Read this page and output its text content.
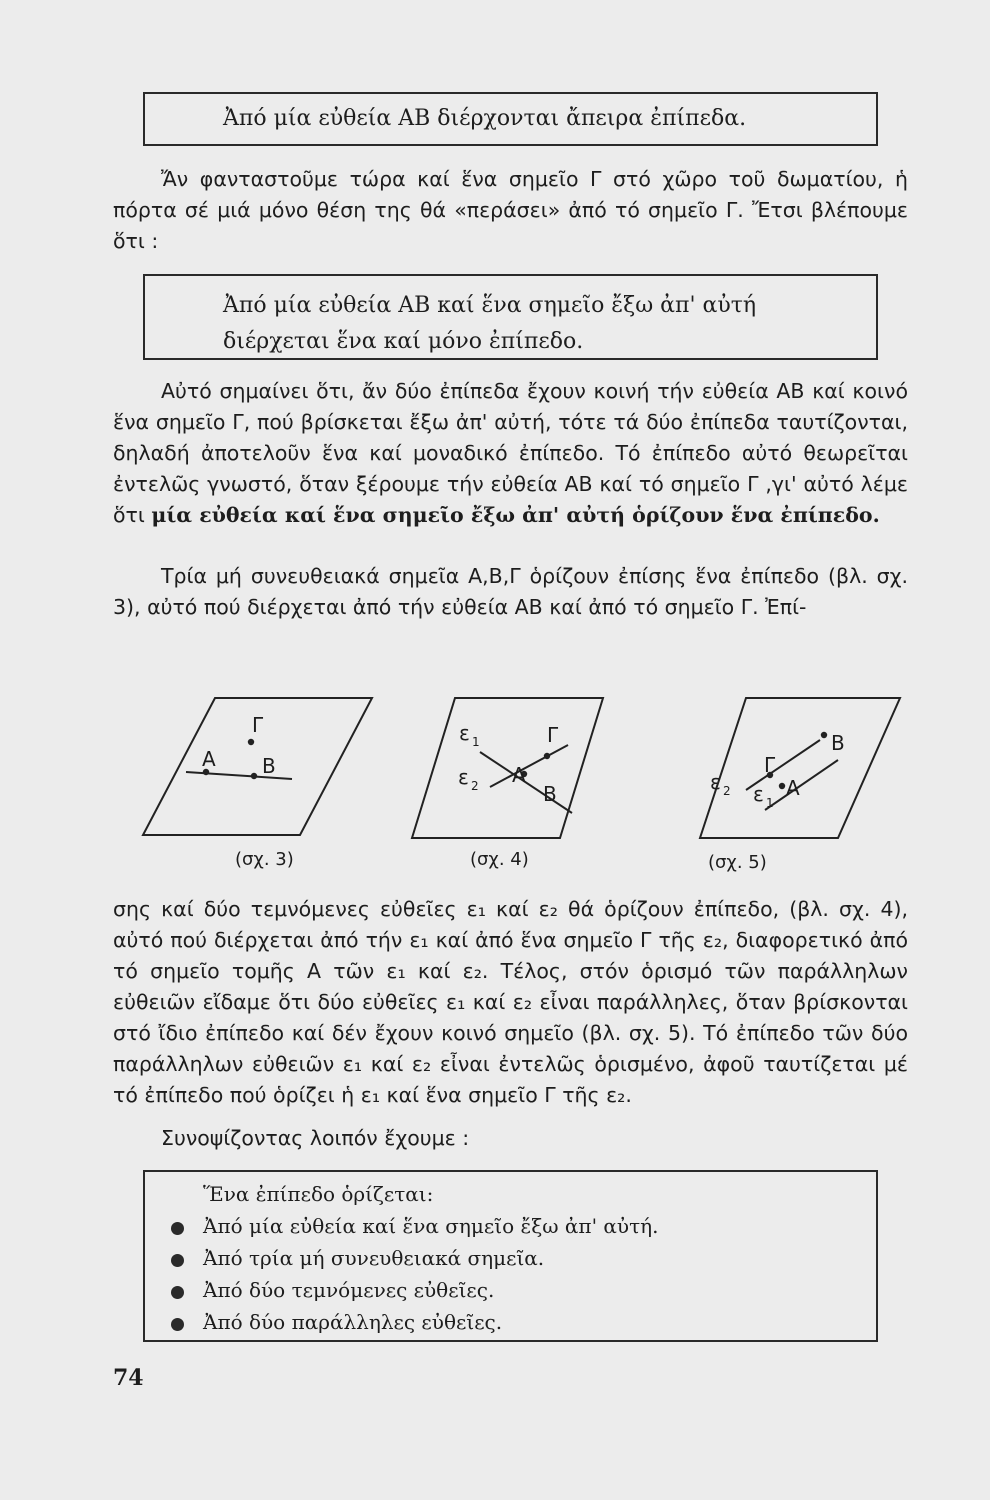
Ἀπό μία εὐθεία ΑΒ διέρχονται ἄπειρα ἐπίπεδα.

Ἄν φανταστοῦμε τώρα καί ἕνα σημεῖο Γ στό χῶρο τοῦ δωματίου, ἡ πόρτα σέ μιά μόνο θέση της θά «περάσει» ἀπό τό σημεῖο Γ. Ἔτσι βλέπουμε ὅτι :

Ἀπό μία εὐθεία ΑΒ καί ἕνα σημεῖο ἔξω ἀπ' αὐτή διέρχεται ἕνα καί μόνο ἐπίπεδο.

Αὐτό σημαίνει ὅτι, ἄν δύο ἐπίπεδα ἔχουν κοινή τήν εὐθεία ΑΒ καί κοινό ἕνα σημεῖο Γ, πού βρίσκεται ἔξω ἀπ' αὐτή, τότε τά δύο ἐπίπεδα ταυτίζονται, δηλαδή ἀποτελοῦν ἕνα καί μοναδικό ἐπίπεδο. Τό ἐπίπεδο αὐτό θεωρεῖται ἐντελῶς γνωστό, ὅταν ξέρουμε τήν εὐθεία ΑΒ καί τό σημεῖο Γ ,γι' αὐτό λέμε ὅτι μία εὐθεία καί ἕνα σημεῖο ἔξω ἀπ' αὐτή ὁρίζουν ἕνα ἐπίπεδο.

Τρία μή συνευθειακά σημεῖα Α,Β,Γ ὁρίζουν ἐπίσης ἕνα ἐπίπεδο (βλ. σχ. 3), αὐτό πού διέρχεται ἀπό τήν εὐθεία ΑΒ καί ἀπό τό σημεῖο Γ. Ἐπί-

Γ
Α Β
(σχ. 3)
ε 1	Γ
ε 2 Α
Β
(σχ. 4)
Β
Γ
ε 2 ε 1
Α
(σχ. 5)

σης καί δύο τεμνόμενες εὐθεῖες ε₁ καί ε₂ θά ὁρίζουν ἐπίπεδο, (βλ. σχ. 4), αὐτό πού διέρχεται ἀπό τήν ε₁ καί ἀπό ἕνα σημεῖο Γ τῆς ε₂, διαφορετικό ἀπό τό σημεῖο τομῆς Α τῶν ε₁ καί ε₂. Τέλος, στόν ὁρισμό τῶν παράλληλων εὐθειῶν εἴδαμε ὅτι δύο εὐθεῖες ε₁ καί ε₂ εἶναι παράλληλες, ὅταν βρίσκονται στό ἴδιο ἐπίπεδο καί δέν ἔχουν κοινό σημεῖο (βλ. σχ. 5). Τό ἐπίπεδο τῶν δύο παράλληλων εὐθειῶν ε₁ καί ε₂ εἶναι ἐντελῶς ὁρισμένο, ἀφοῦ ταυτίζεται μέ τό ἐπίπεδο πού ὁρίζει ἡ ε₁ καί ἕνα σημεῖο Γ τῆς ε₂.

Συνοψίζοντας λοιπόν ἔχουμε :

Ἕνα ἐπίπεδο ὁρίζεται:
Ἀπό μία εὐθεία καί ἕνα σημεῖο ἔξω ἀπ' αὐτή.
Ἀπό τρία μή συνευθειακά σημεῖα.
Ἀπό δύο τεμνόμενες εὐθεῖες.
Ἀπό δύο παράλληλες εὐθεῖες.
74
